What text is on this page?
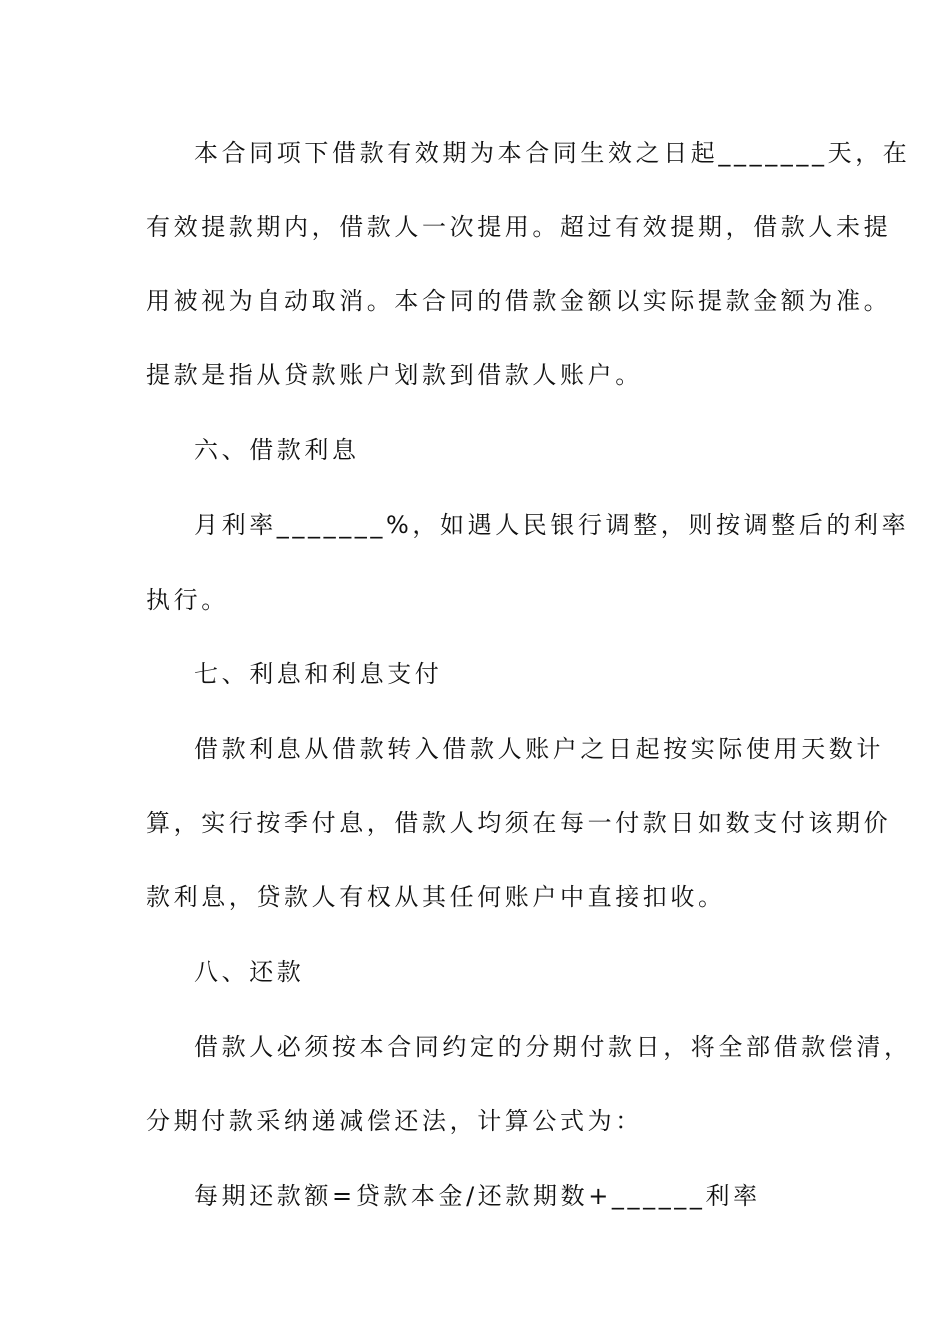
本合同项下借款有效期为本合同生效之日起_______天，在
有效提款期内，借款人一次提用。超过有效提期，借款人未提
用被视为自动取消。本合同的借款金额以实际提款金额为准。
提款是指从贷款账户划款到借款人账户。
六、借款利息
月利率_______%，如遇人民银行调整，则按调整后的利率
执行。
七、利息和利息支付
借款利息从借款转入借款人账户之日起按实际使用天数计
算，实行按季付息，借款人均须在每一付款日如数支付该期价
款利息，贷款人有权从其任何账户中直接扣收。
八、还款
借款人必须按本合同约定的分期付款日，将全部借款偿清，
分期付款采纳递减偿还法，计算公式为：
每期还款额=贷款本金/还款期数+______利率
